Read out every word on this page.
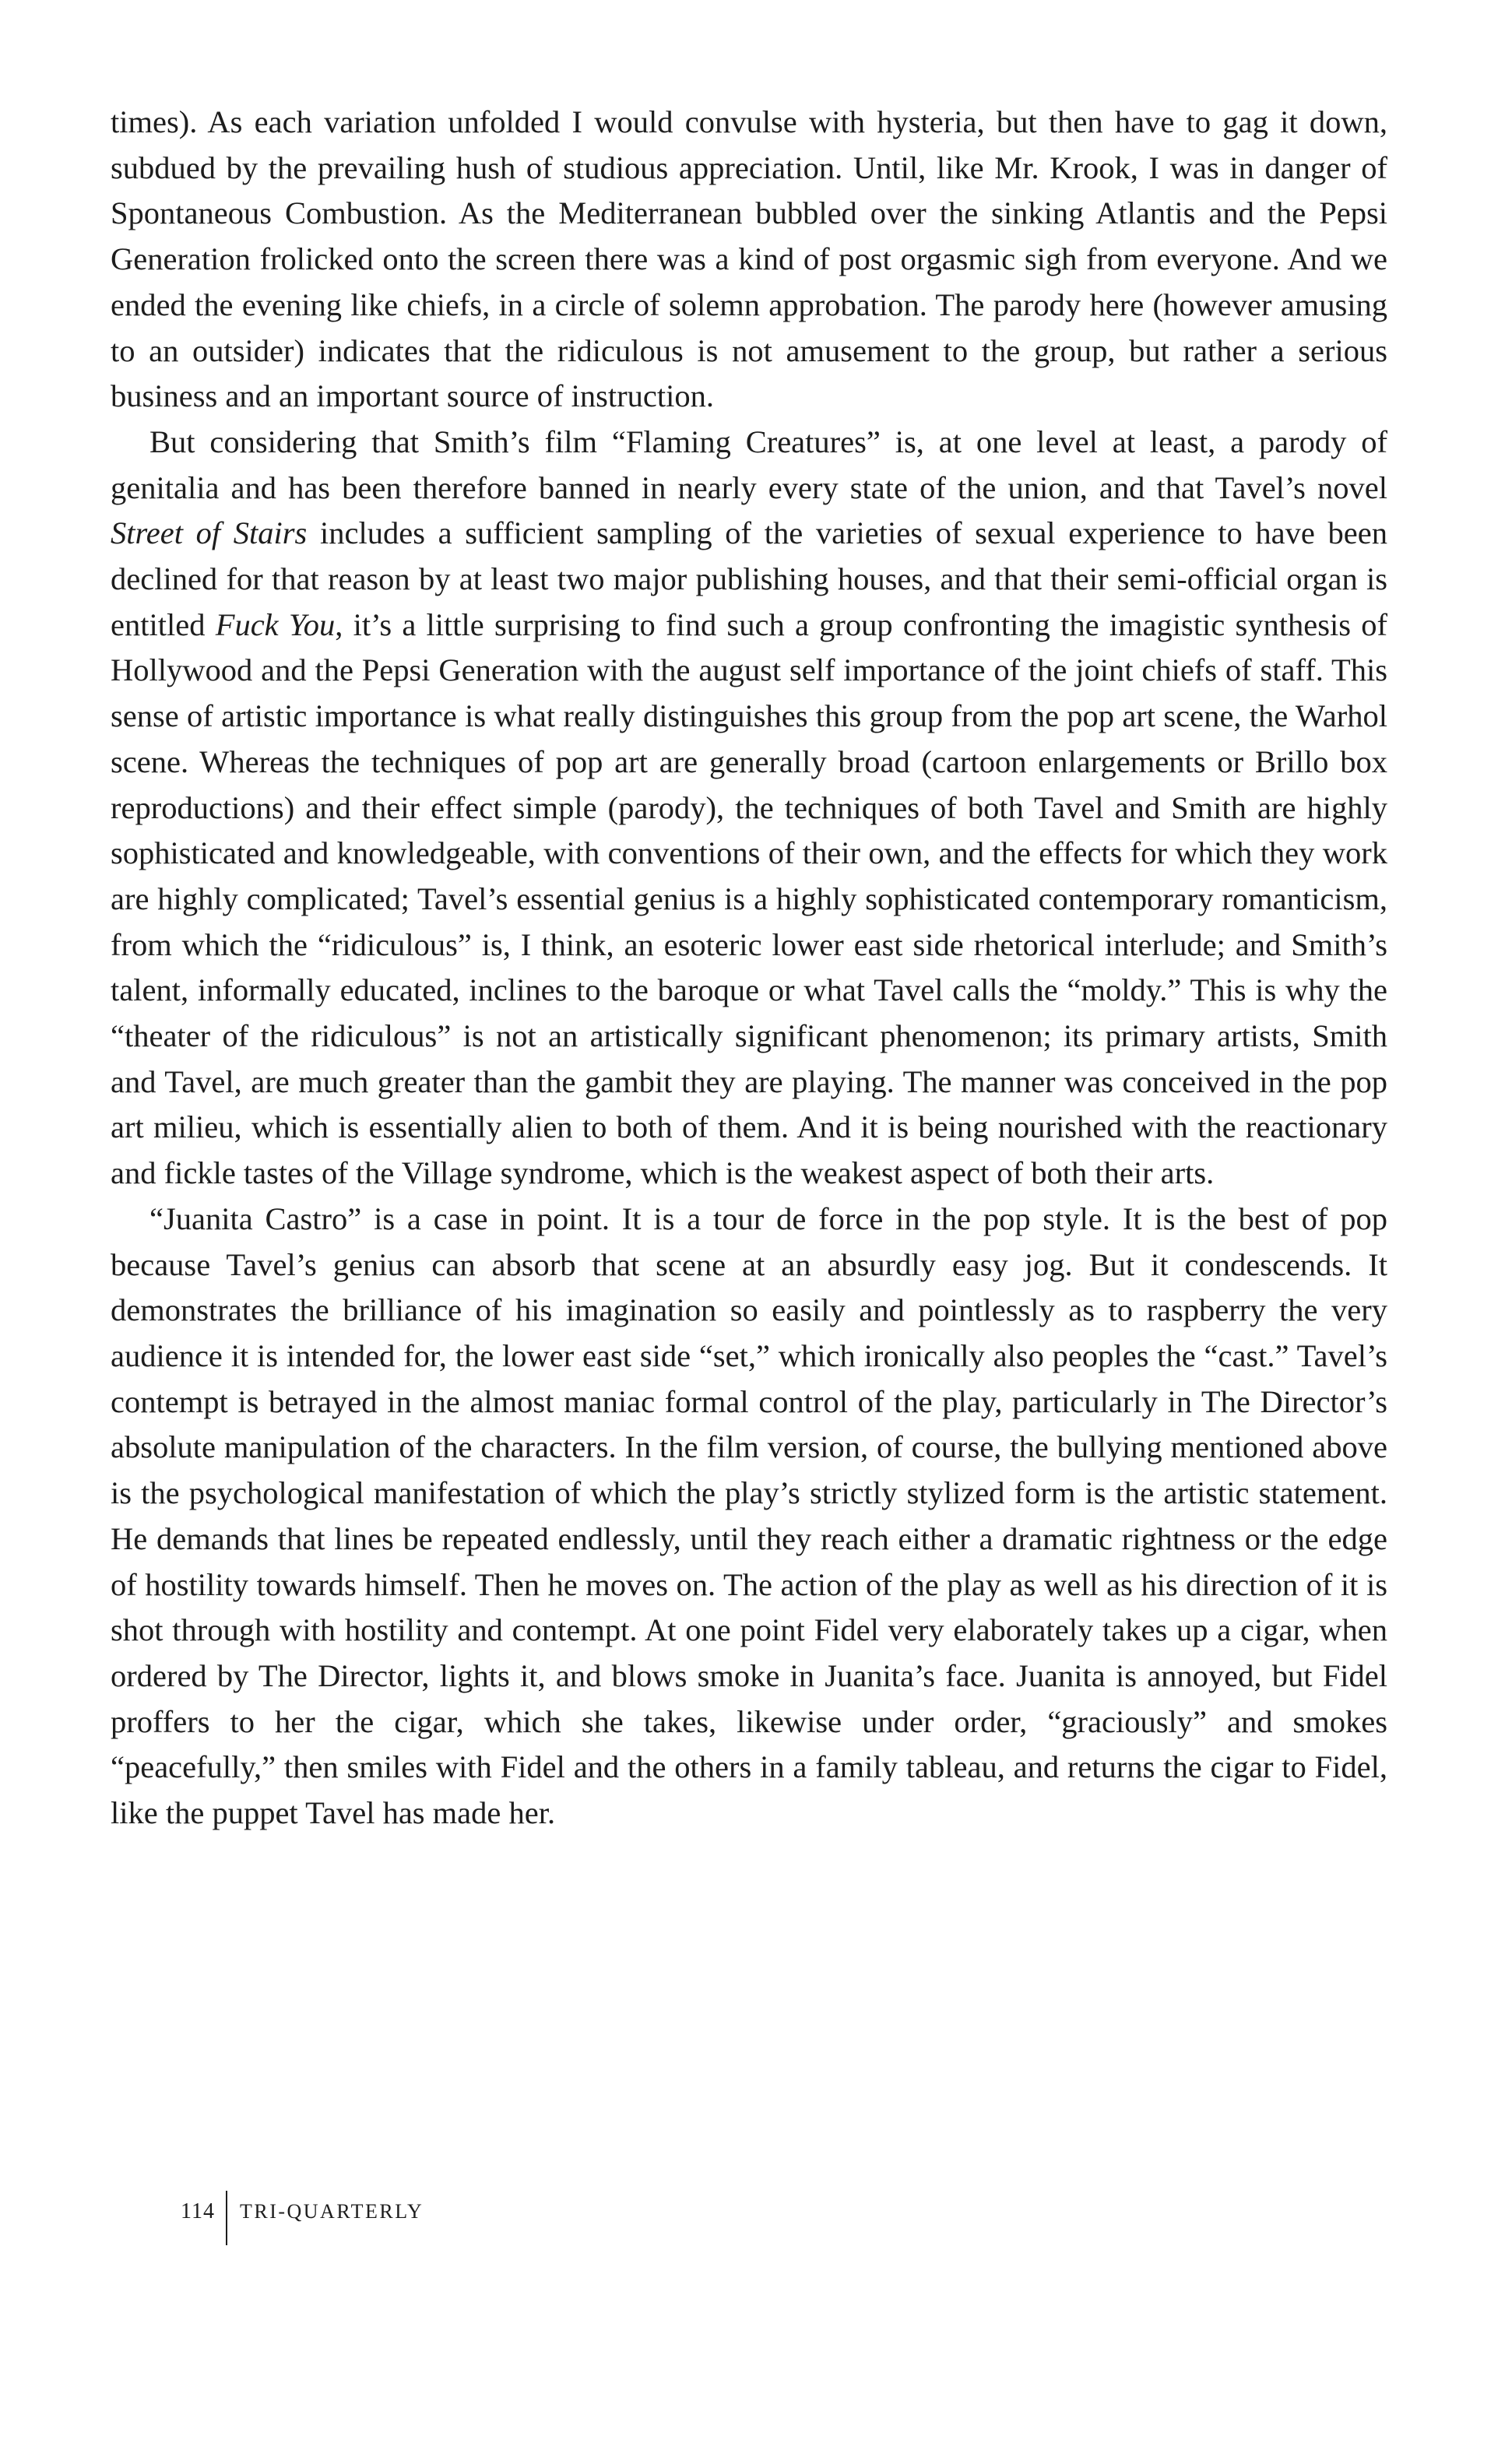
times). As each variation unfolded I would convulse with hysteria, but then have to gag it down, subdued by the prevailing hush of studious appreciation. Until, like Mr. Krook, I was in danger of Spontaneous Combustion. As the Mediterranean bubbled over the sinking Atlantis and the Pepsi Generation frolicked onto the screen there was a kind of post orgasmic sigh from everyone. And we ended the evening like chiefs, in a circle of solemn approbation. The parody here (however amusing to an outsider) indicates that the ridiculous is not amusement to the group, but rather a serious business and an important source of instruction.

But considering that Smith’s film “Flaming Creatures” is, at one level at least, a parody of genitalia and has been therefore banned in nearly every state of the union, and that Tavel’s novel Street of Stairs includes a sufficient sampling of the varieties of sexual experience to have been declined for that reason by at least two major publishing houses, and that their semi-official organ is entitled Fuck You, it’s a little surprising to find such a group confronting the imagistic synthesis of Hollywood and the Pepsi Generation with the august self importance of the joint chiefs of staff. This sense of artistic importance is what really distinguishes this group from the pop art scene, the Warhol scene. Whereas the techniques of pop art are generally broad (cartoon enlargements or Brillo box reproductions) and their effect simple (parody), the techniques of both Tavel and Smith are highly sophisticated and knowledgeable, with conventions of their own, and the effects for which they work are highly complicated; Tavel’s essential genius is a highly sophisticated contemporary romanticism, from which the “ridiculous” is, I think, an esoteric lower east side rhetorical interlude; and Smith’s talent, informally educated, inclines to the baroque or what Tavel calls the “moldy.” This is why the “theater of the ridiculous” is not an artistically significant phenomenon; its primary artists, Smith and Tavel, are much greater than the gambit they are playing. The manner was conceived in the pop art milieu, which is essentially alien to both of them. And it is being nourished with the reactionary and fickle tastes of the Village syndrome, which is the weakest aspect of both their arts.

“Juanita Castro” is a case in point. It is a tour de force in the pop style. It is the best of pop because Tavel’s genius can absorb that scene at an absurdly easy jog. But it condescends. It demonstrates the brilliance of his imagination so easily and pointlessly as to raspberry the very audience it is intended for, the lower east side “set,” which ironically also peoples the “cast.” Tavel’s contempt is betrayed in the almost maniac formal control of the play, particularly in The Director’s absolute manipulation of the characters. In the film version, of course, the bullying mentioned above is the psychological manifestation of which the play’s strictly stylized form is the artistic statement. He demands that lines be repeated endlessly, until they reach either a dramatic rightness or the edge of hostility towards himself. Then he moves on. The action of the play as well as his direction of it is shot through with hostility and contempt. At one point Fidel very elaborately takes up a cigar, when ordered by The Director, lights it, and blows smoke in Juanita’s face. Juanita is annoyed, but Fidel proffers to her the cigar, which she takes, likewise under order, “graciously” and smokes “peacefully,” then smiles with Fidel and the others in a family tableau, and returns the cigar to Fidel, like the puppet Tavel has made her.

114	TRI-QUARTERLY
